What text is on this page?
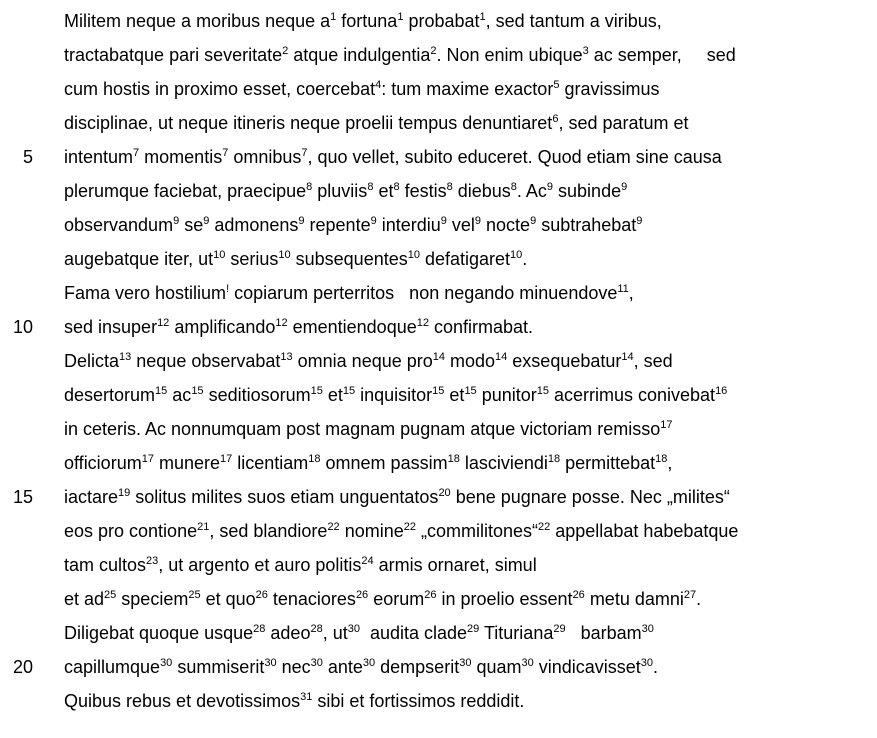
Militem neque a moribus neque $a^1$ fortuna$^1$ probabat$^1$, sed tantum a viribus,
tractabatque pari severitate$^2$ atque indulgentia$^2$. Non enim ubique$^3$ ac semper,     sed
cum hostis in proximo esset, coercebat$^4$: tum maxime exactor$^5$ gravissimus
disciplinae, ut neque itineris neque proelii tempus denuntiaret$^6$, sed paratum et
5 intentum$^7$ momentis$^7$ omnibus$^7$, quo vellet, subito educeret. Quod etiam sine causa
plerumque faciebat, praecipue$^8$ pluviis$^8$ $et^8$ festis$^8$ diebus$^8$. Ac$^9$ subinde$^9$
observandum$^9$ $se^9$ admonens$^9$ repente$^9$ interdiu$^9$ vel$^9$ nocte$^9$ subtrahebat$^9$
augebatque iter, $ut^{10}$ serius$^{10}$ subsequentes$^{10}$ defatigaret$^{10}$.
Fama vero hostilium! copiarum perterritos   non negando minuendove$^{11}$,
10 sed insuper$^{12}$ amplificando$^{12}$ ementiendoque$^{12}$ confirmabat.
Delicta$^{13}$ neque observabat$^{13}$ omnia neque pro$^{14}$ modo$^{14}$ exsequebatur$^{14}$, sed
desertorum$^{15}$ $ac^{15}$ seditiosorum$^{15}$ $et^{15}$ inquisitor$^{15}$ $et^{15}$ punitor$^{15}$ acerrimus conivebat$^{16}$
in ceteris. Ac nonnumquam post magnam pugnam atque victoriam remisso$^{17}$
officiorum$^{17}$ munere$^{17}$ licentiam$^{18}$ omnem passim$^{18}$ lasciviendi$^{18}$ permittebat$^{18}$,
15 iactare$^{19}$ solitus milites suos etiam unguentatos$^{20}$ bene pugnare posse. Nec „milites“
eos pro contione$^{21}$, sed blandiore$^{22}$ nomine$^{22}$ „commilitones“$^{22}$ appellabat habebatque
tam cultos$^{23}$, ut argento et auro politis$^{24}$ armis ornaret, simul
et $ad^{25}$ speciem$^{25}$ et quo$^{26}$ tenaciores$^{26}$ eorum$^{26}$ in proelio essent$^{26}$ metu damni$^{27}$.
Diligebat quoque usque$^{28}$ adeo$^{28}$, $ut^{30}$  audita clade$^{29}$ Tituriana$^{29}$   barbam$^{30}$
20 capillumque$^{30}$ summiserit$^{30}$ nec$^{30}$ ante$^{30}$ dempserit$^{30}$ quam$^{30}$ vindicavisset$^{30}$.
Quibus rebus et devotissimos$^{31}$ sibi et fortissimos reddidit.
